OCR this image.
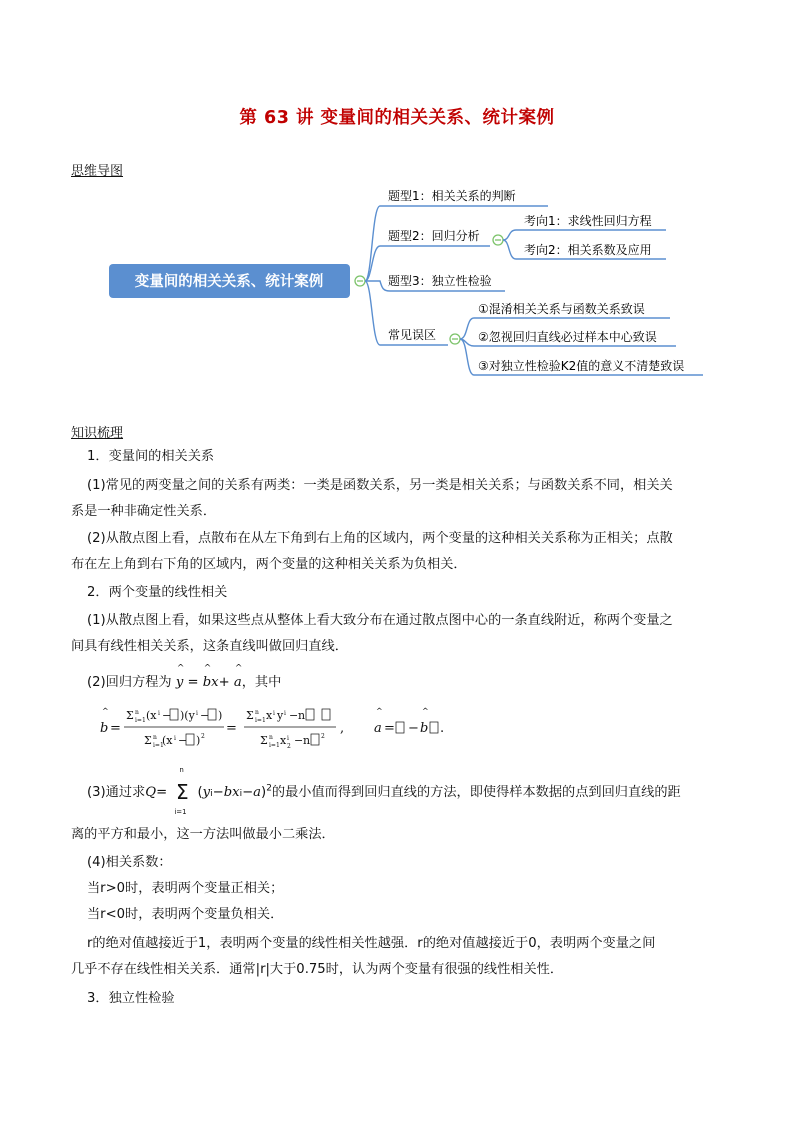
第 63 讲 变量间的相关关系、统计案例
思维导图
变量间的相关关系、统计案例
题型1：相关关系的判断
题型2：回归分析
题型3：独立性检验
常见误区
考向1：求线性回归方程
考向2：相关系数及应用
①混淆相关关系与函数关系致误
②忽视回归直线必过样本中心致误
③对独立性检验K2值的意义不清楚致误
知识梳理
1．变量间的相关关系
(1)常见的两变量之间的关系有两类：一类是函数关系，另一类是相关关系；与函数关系不同，相关关
系是一种非确定性关系．
(2)从散点图上看，点散布在从左下角到右上角的区域内，两个变量的这种相关关系称为正相关；点散
布在左上角到右下角的区域内，两个变量的这种相关关系为负相关．
2．两个变量的线性相关
(1)从散点图上看，如果这些点从整体上看大致分布在通过散点图中心的一条直线附近，称两个变量之
间具有线性相关关系，这条直线叫做回归直线．
(2)回归方程为 ^ y = ^ bx+ ^ a，其中
^
b =
Σ n
i=1 (x i − )(y i − )
Σ n
i=1
(x i − ) 2
=
Σ n
i=1 x i y i − n
Σ n
i=1 x i
2 − n 2
,
^
a = −
^
b .
(3)通过求Q=
n
Σ
i=1
$(yi-bxi-a)^2$的最小值而得到回归直线的方法，即使得样本数据的点到回归直线的距
离的平方和最小，这一方法叫做最小二乘法．
(4)相关系数：
当r>0时，表明两个变量正相关；
当r<0时，表明两个变量负相关．
r的绝对值越接近于1，表明两个变量的线性相关性越强．r的绝对值越接近于0，表明两个变量之间
几乎不存在线性相关关系．通常|r|大于0.75时，认为两个变量有很强的线性相关性．
3．独立性检验
